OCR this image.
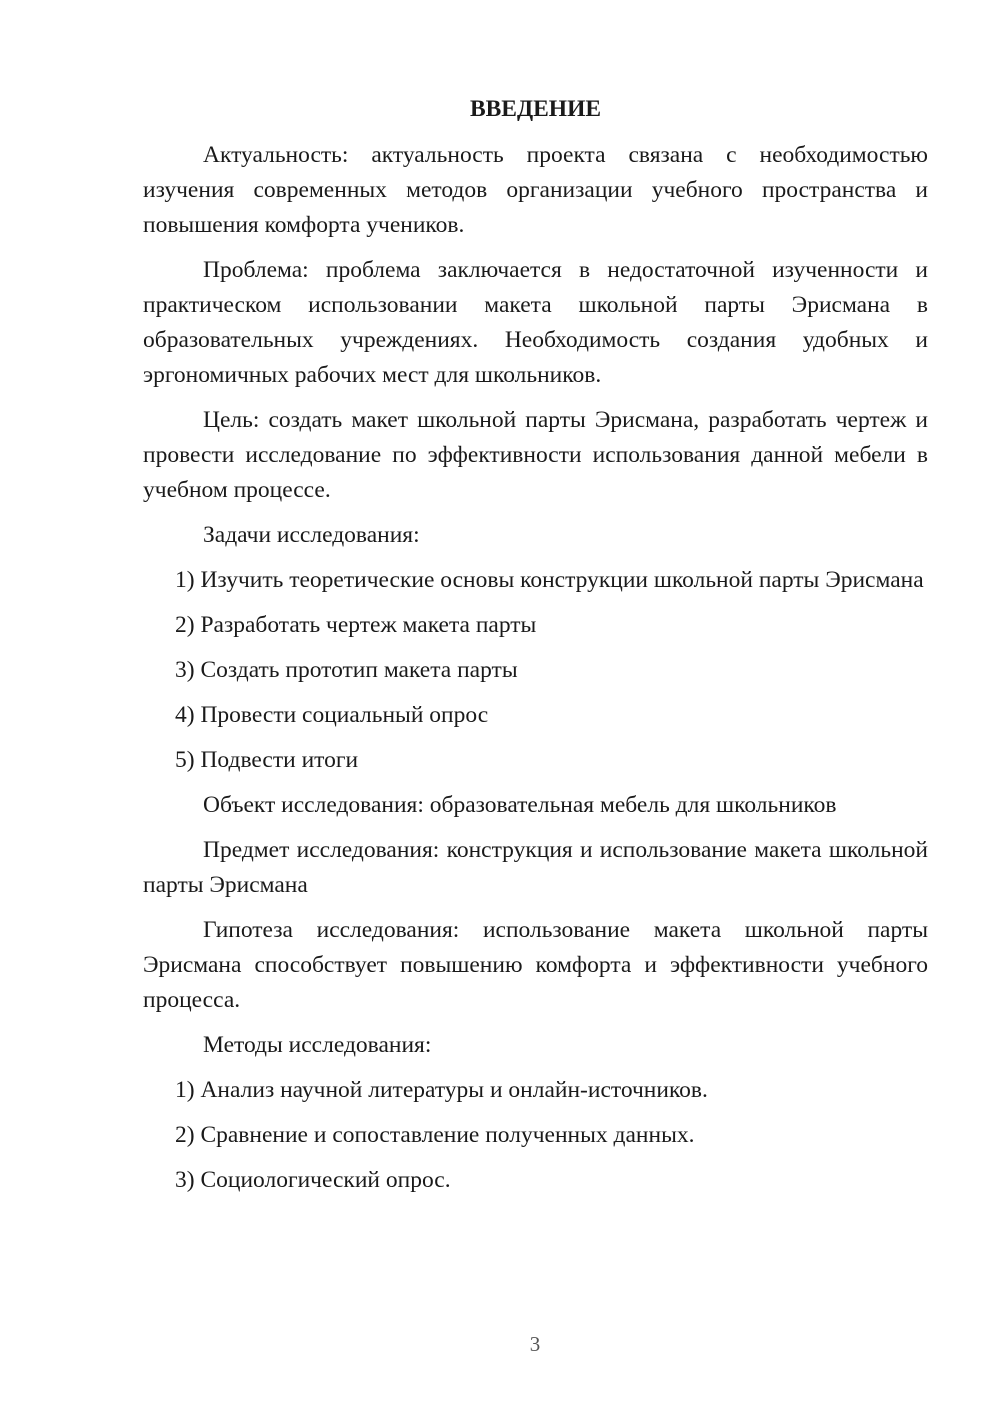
ВВЕДЕНИЕ

Актуальность: актуальность проекта связана с необходимостью изучения современных методов организации учебного пространства и повышения комфорта учеников.

Проблема: проблема заключается в недостаточной изученности и практическом использовании макета школьной парты Эрисмана в образовательных учреждениях. Необходимость создания удобных и эргономичных рабочих мест для школьников.

Цель: создать макет школьной парты Эрисмана, разработать чертеж и провести исследование по эффективности использования данной мебели в учебном процессе.

Задачи исследования:

1) Изучить теоретические основы конструкции школьной парты Эрисмана

2) Разработать чертеж макета парты

3) Создать прототип макета парты

4) Провести социальный опрос

5) Подвести итоги

Объект исследования: образовательная мебель для школьников

Предмет исследования: конструкция и использование макета школьной парты Эрисмана

Гипотеза исследования: использование макета школьной парты Эрисмана способствует повышению комфорта и эффективности учебного процесса.

Методы исследования:

1) Анализ научной литературы и онлайн-источников.

2) Сравнение и сопоставление полученных данных.

3) Социологический опрос.

3
